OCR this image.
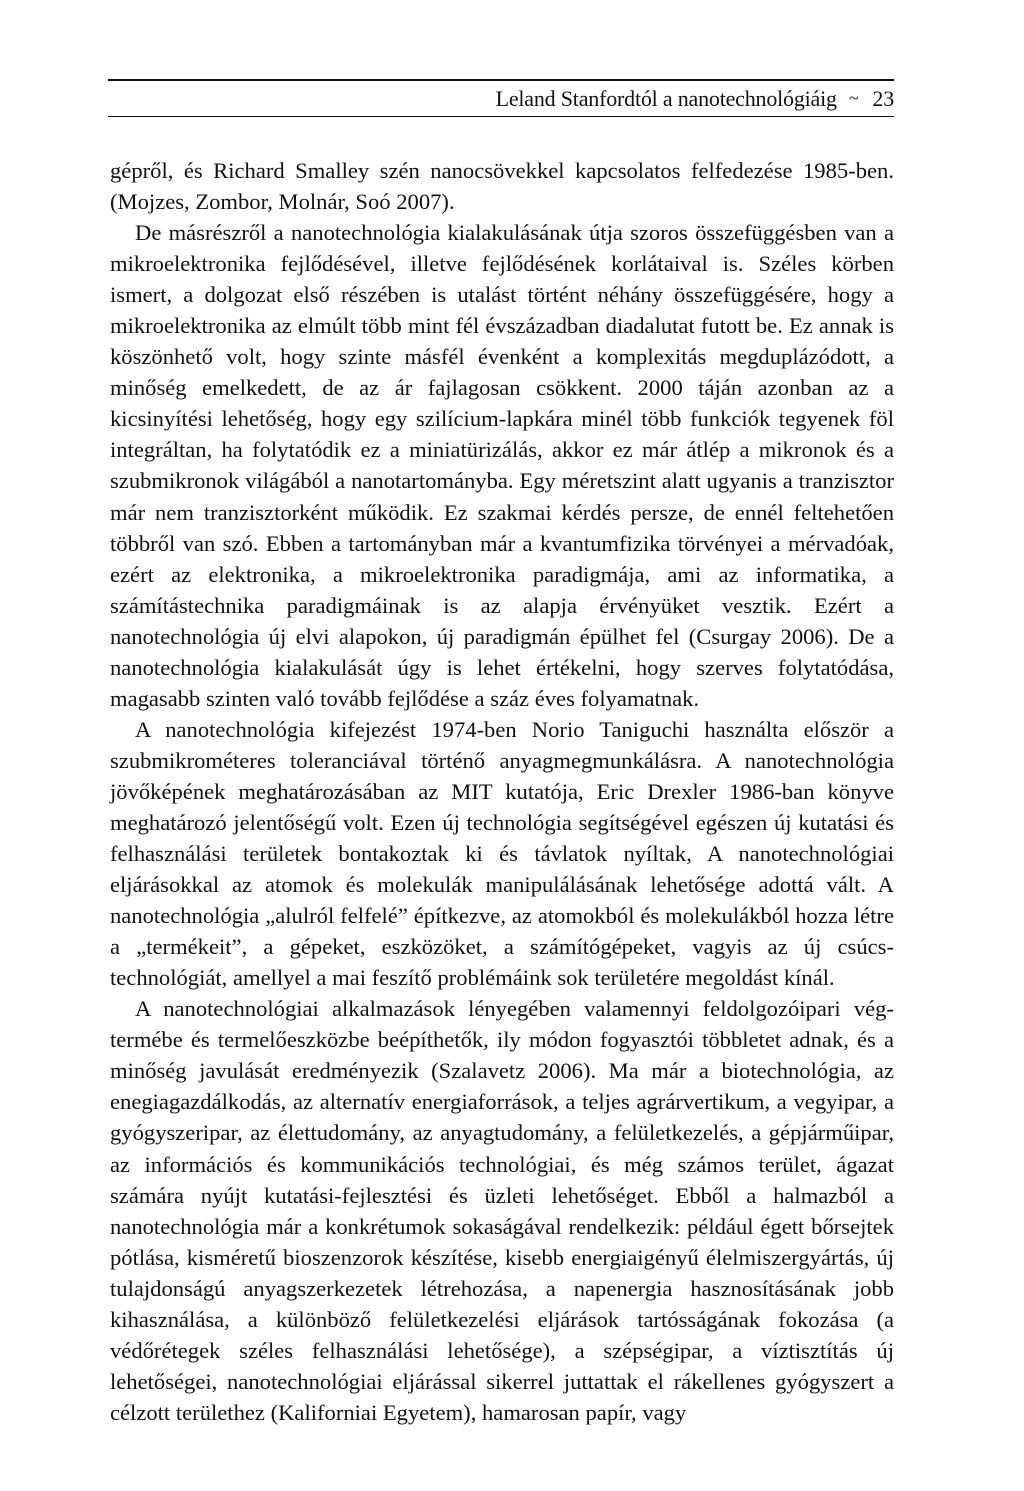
Leland Stanfordtól a nanotechnológiáig ~ 23

gépről, és Richard Smalley szén nanocsövekkel kapcsolatos felfedezése 1985-ben. (Mojzes, Zombor, Molnár, Soó 2007).

De másrészről a nanotechnológia kialakulásának útja szoros összefüggésben van a mikroelektronika fejlődésével, illetve fejlődésének korlátaival is. Széles körben ismert, a dolgozat első részében is utalást történt néhány összefüggésére, hogy a mikroelektronika az elmúlt több mint fél évszázadban diadalutat futott be. Ez annak is köszönhető volt, hogy szinte másfél évenként a komplexitás megduplázódott, a minőség emelkedett, de az ár fajlagosan csökkent. 2000 táján azonban az a kicsinyítési lehetőség, hogy egy szilícium-lapkára minél több funkciók tegyenek föl integráltan, ha folytatódik ez a miniatürizálás, akkor ez már átlép a mikronok és a szubmikronok világából a nanotartományba. Egy méretszint alatt ugyanis a tranzisztor már nem tranzisztorként működik. Ez szakmai kérdés persze, de ennél feltehetően többről van szó. Ebben a tartományban már a kvantumfizika törvényei a mérvadóak, ezért az elektronika, a mikroelektronika paradigmája, ami az informatika, a számítástechnika paradigmáinak is az alapja érvényüket vesztik. Ezért a nanotechnológia új elvi alapokon, új paradigmán épülhet fel (Csurgay 2006). De a nanotechnológia kialakulását úgy is lehet értékelni, hogy szerves folytatódása, magasabb szinten való tovább fejlődése a száz éves folyamatnak.

A nanotechnológia kifejezést 1974-ben Norio Taniguchi használta először a szubmikrométeres toleranciával történő anyagmegmunkálásra. A nanotechnológia jövőképének meghatározásában az MIT kutatója, Eric Drexler 1986-ban könyve meghatározó jelentőségű volt. Ezen új technológia segítségével egészen új kutatási és felhasználási területek bontakoztak ki és távlatok nyíltak, A nanotechnológiai eljárásokkal az atomok és molekulák manipulálásának lehetősége adottá vált. A nanotechnológia „alulról felfelé” építkezve, az atomokból és molekulákból hozza létre a „termékeit”, a gépeket, eszközöket, a számítógépeket, vagyis az új csúcstechnológiát, amellyel a mai feszítő problémáink sok területére megoldást kínál.

A nanotechnológiai alkalmazások lényegében valamennyi feldolgozóipari végtermébe és termelőeszközbe beépíthetők, ily módon fogyasztói többletet adnak, és a minőség javulását eredményezik (Szalavetz 2006). Ma már a biotechnológia, az enegiagazdálkodás, az alternatív energiaforrások, a teljes agrárvertikum, a vegyipar, a gyógyszeripar, az élettudomány, az anyagtudomány, a felületkezelés, a gépjárműipar, az információs és kommunikációs technológiai, és még számos terület, ágazat számára nyújt kutatási-fejlesztési és üzleti lehetőséget. Ebből a halmazból a nanotechnológia már a konkrétumok sokaságával rendelkezik: például égett bőrsejtek pótlása, kisméretű bioszenzorok készítése, kisebb energiaigényű élelmiszergyártás, új tulajdonságú anyagszerkezetek létrehozása, a napenergia hasznosításának jobb kihasználása, a különböző felületkezelési eljárások tartósságának fokozása (a védőrétegek széles felhasználási lehetősége), a szépségipar, a víztisztítás új lehetőségei, nanotechnológiai eljárással sikerrel juttattak el rákellenes gyógyszert a célzott területhez (Kaliforniai Egyetem), hamarosan papír, vagy
